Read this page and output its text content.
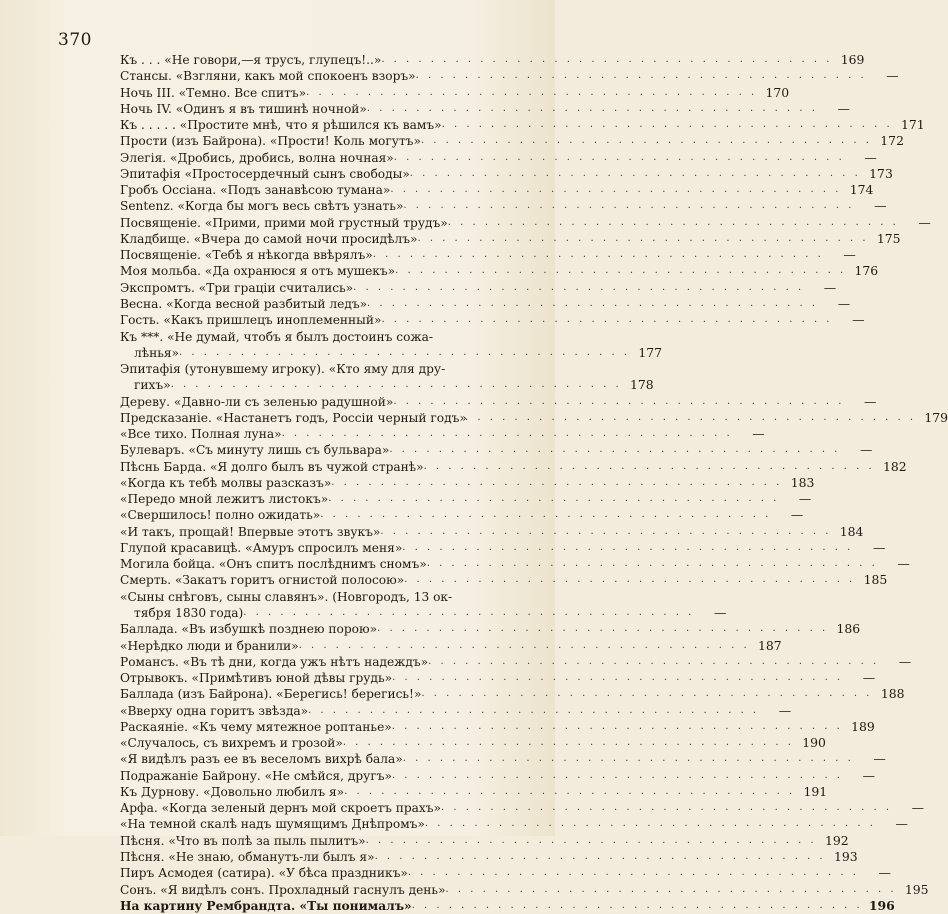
370
Къ . . . «Не говори,—я трусъ, глупецъ!..» . . . . . . . . . . . . . . . . . . . . . . . . . . . . . . . . . . . . . 169
Стансы. «Взгляни, какъ мой спокоенъ взоръ» . . . . . . . . . . . . . . . . . . . . . . . . . . . . . . . . . . . . .	—
Ночь III. «Темно. Все спитъ» . . . . . . . . . . . . . . . . . . . . . . . . . . . . . . . . . . . . . 170
Ночь IV. «Одинъ я въ тишинѣ ночной» . . . . . . . . . . . . . . . . . . . . . . . . . . . . . . . . . . . . .	—
Къ . . . . . «Простите мнѣ, что я рѣшился къ вамъ» . . . . . . . . . . . . . . . . . . . . . . . . . . . . . . . . . . . . . 171
Прости (изъ Байрона). «Прости! Коль могутъ» . . . . . . . . . . . . . . . . . . . . . . . . . . . . . . . . . . . . . 172
Элегія. «Дробись, дробись, волна ночная» . . . . . . . . . . . . . . . . . . . . . . . . . . . . . . . . . . . . .	—
Эпитафія «Простосердечный сынъ свободы» . . . . . . . . . . . . . . . . . . . . . . . . . . . . . . . . . . . . . 173
Гробъ Оссіана. «Подъ занавѣсою тумана» . . . . . . . . . . . . . . . . . . . . . . . . . . . . . . . . . . . . . 174
Sentenz. «Когда бы могъ весь свѣтъ узнать» . . . . . . . . . . . . . . . . . . . . . . . . . . . . . . . . . . . . .	—
Посвященіе. «Прими, прими мой грустный трудъ» . . . . . . . . . . . . . . . . . . . . . . . . . . . . . . . . . . . . .	—
Кладбище. «Вчера до самой ночи просидѣлъ» . . . . . . . . . . . . . . . . . . . . . . . . . . . . . . . . . . . . . 175
Посвященіе. «Тебѣ я нѣкогда ввѣрялъ» . . . . . . . . . . . . . . . . . . . . . . . . . . . . . . . . . . . . .	—
Моя мольба. «Да охранюся я отъ мушекъ» . . . . . . . . . . . . . . . . . . . . . . . . . . . . . . . . . . . . . 176
Экспромтъ. «Три граціи считались» . . . . . . . . . . . . . . . . . . . . . . . . . . . . . . . . . . . . .	—
Весна. «Когда весной разбитый ледъ» . . . . . . . . . . . . . . . . . . . . . . . . . . . . . . . . . . . . .	—
Гость. «Какъ пришлецъ иноплеменный» . . . . . . . . . . . . . . . . . . . . . . . . . . . . . . . . . . . . .	—
Къ ***. «Не думай, чтобъ я былъ достоинъ сожа-
лѣнья» . . . . . . . . . . . . . . . . . . . . . . . . . . . . . . . . . . . . . 177
Эпитафія (утонувшему игроку). «Кто яму для дру-
гихъ» . . . . . . . . . . . . . . . . . . . . . . . . . . . . . . . . . . . . . 178
Дереву. «Давно-ли съ зеленью радушной» . . . . . . . . . . . . . . . . . . . . . . . . . . . . . . . . . . . . .	—
Предсказаніе. «Настанетъ годъ, Россіи черный годъ»
. . . . . . . . . . . . . . . . . . . . . . . . . . . . . . . . . . . . . 179
«Все тихо. Полная луна» . . . . . . . . . . . . . . . . . . . . . . . . . . . . . . . . . . . . .	—
Булеваръ. «Съ минуту лишь съ бульвара» . . . . . . . . . . . . . . . . . . . . . . . . . . . . . . . . . . . . .	—
Пѣснь Барда. «Я долго былъ въ чужой странѣ» . . . . . . . . . . . . . . . . . . . . . . . . . . . . . . . . . . . . . 182
«Когда къ тебѣ молвы разсказъ» . . . . . . . . . . . . . . . . . . . . . . . . . . . . . . . . . . . . . 183
«Передо мной лежитъ листокъ» . . . . . . . . . . . . . . . . . . . . . . . . . . . . . . . . . . . . .	—
«Свершилось! полно ожидать» . . . . . . . . . . . . . . . . . . . . . . . . . . . . . . . . . . . . .	—
«И такъ, прощай! Впервые этотъ звукъ» . . . . . . . . . . . . . . . . . . . . . . . . . . . . . . . . . . . . . 184
Глупой красавицѣ. «Амуръ спросилъ меня» . . . . . . . . . . . . . . . . . . . . . . . . . . . . . . . . . . . . .	—
Могила бойца. «Онъ спитъ послѣднимъ сномъ» . . . . . . . . . . . . . . . . . . . . . . . . . . . . . . . . . . . . .	—
Смерть. «Закатъ горитъ огнистой полосою» . . . . . . . . . . . . . . . . . . . . . . . . . . . . . . . . . . . . . 185
«Сыны снѣговъ, сыны славянъ». (Новгородъ, 13 ок-
тября 1830 года) . . . . . . . . . . . . . . . . . . . . . . . . . . . . . . . . . . . . .	—
Баллада. «Въ избушкѣ позднею порою» . . . . . . . . . . . . . . . . . . . . . . . . . . . . . . . . . . . . . 186
«Нерѣдко люди и бранили» . . . . . . . . . . . . . . . . . . . . . . . . . . . . . . . . . . . . . 187
Романсъ. «Въ тѣ дни, когда ужъ нѣтъ надеждъ» . . . . . . . . . . . . . . . . . . . . . . . . . . . . . . . . . . . . .	—
Отрывокъ. «Примѣтивъ юной дѣвы грудь» . . . . . . . . . . . . . . . . . . . . . . . . . . . . . . . . . . . . .	—
Баллада (изъ Байрона). «Берегись! берегись!» . . . . . . . . . . . . . . . . . . . . . . . . . . . . . . . . . . . . . 188
«Вверху одна горитъ звѣзда» . . . . . . . . . . . . . . . . . . . . . . . . . . . . . . . . . . . . .	—
Раскаяніе. «Къ чему мятежное роптанье» . . . . . . . . . . . . . . . . . . . . . . . . . . . . . . . . . . . . . 189
«Случалось, съ вихремъ и грозой» . . . . . . . . . . . . . . . . . . . . . . . . . . . . . . . . . . . . . 190
«Я видѣлъ разъ ее въ веселомъ вихрѣ бала» . . . . . . . . . . . . . . . . . . . . . . . . . . . . . . . . . . . . .	—
Подражаніе Байрону. «Не смѣйся, другъ» . . . . . . . . . . . . . . . . . . . . . . . . . . . . . . . . . . . . .	—
Къ Дурнову. «Довольно любилъ я» . . . . . . . . . . . . . . . . . . . . . . . . . . . . . . . . . . . . . 191
Арфа. «Когда зеленый дернъ мой скроетъ прахъ» . . . . . . . . . . . . . . . . . . . . . . . . . . . . . . . . . . . . .	—
«На темной скалѣ надъ шумящимъ Днѣпромъ» . . . . . . . . . . . . . . . . . . . . . . . . . . . . . . . . . . . . .	—
Пѣсня. «Что въ полѣ за пыль пылитъ» . . . . . . . . . . . . . . . . . . . . . . . . . . . . . . . . . . . . . 192
Пѣсня. «Не знаю, обманутъ-ли былъ я» . . . . . . . . . . . . . . . . . . . . . . . . . . . . . . . . . . . . . 193
Пиръ Асмодея (сатира). «У бѣса праздникъ» . . . . . . . . . . . . . . . . . . . . . . . . . . . . . . . . . . . . .	—
Сонъ. «Я видѣлъ сонъ. Прохладный гаснулъ день» . . . . . . . . . . . . . . . . . . . . . . . . . . . . . . . . . . . . . 195
На картину Рембрандта. «Ты понималъ» . . . . . . . . . . . . . . . . . . . . . . . . . . . . . . . . . . . . . 196
